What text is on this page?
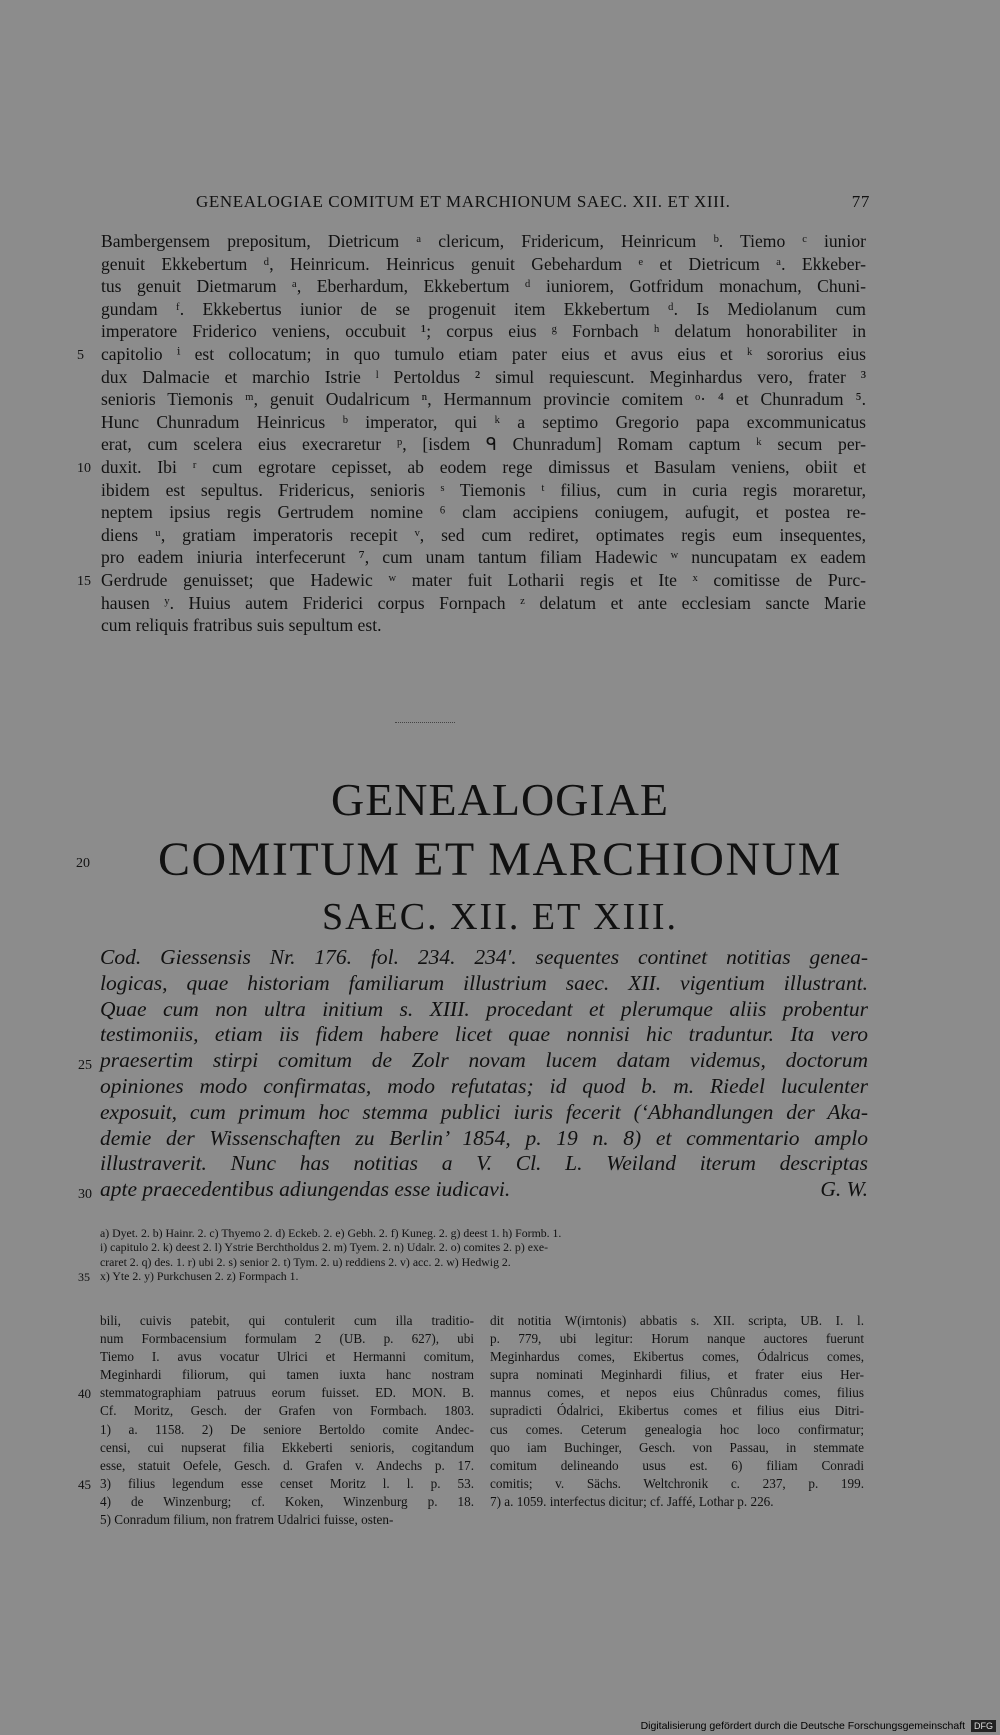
GENEALOGIAE COMITUM ET MARCHIONUM SAEC. XII. ET XIII.	77
Bambergensem prepositum, Dietricum ᵃ clericum, Fridericum, Heinricum ᵇ. Tiemo ᶜ iunior
genuit Ekkebertum ᵈ, Heinricum. Heinricus genuit Gebehardum ᵉ et Dietricum ᵃ. Ekkeber-
tus genuit Dietmarum ᵃ, Eberhardum, Ekkebertum ᵈ iuniorem, Gotfridum monachum, Chuni-
gundam ᶠ. Ekkebertus iunior de se progenuit item Ekkebertum ᵈ. Is Mediolanum cum
imperatore Friderico veniens, occubuit ¹; corpus eius ᵍ Fornbach ʰ delatum honorabiliter in
capitolio ⁱ est collocatum; in quo tumulo etiam pater eius et avus eius et ᵏ sororius eius
5
dux Dalmacie et marchio Istrie ˡ Pertoldus ² simul requiescunt. Meginhardus vero, frater ³
senioris Tiemonis ᵐ, genuit Oudalricum ⁿ, Hermannum provincie comitem ᵒ· ⁴ et Chunradum ⁵.
Hunc Chunradum Heinricus ᵇ imperator, qui ᵏ a septimo Gregorio papa excommunicatus
erat, cum scelera eius execraretur ᵖ, [isdem ᑫ Chunradum] Romam captum ᵏ secum per-
duxit. Ibi ʳ cum egrotare cepisset, ab eodem rege dimissus et Basulam veniens, obiit et
10
ibidem est sepultus. Fridericus, senioris ˢ Tiemonis ᵗ filius, cum in curia regis moraretur,
neptem ipsius regis Gertrudem nomine ⁶ clam accipiens coniugem, aufugit, et postea re-
diens ᵘ, gratiam imperatoris recepit ᵛ, sed cum rediret, optimates regis eum insequentes,
pro eadem iniuria interfecerunt ⁷, cum unam tantum filiam Hadewic ʷ nuncupatam ex eadem
Gerdrude genuisset; que Hadewic ʷ mater fuit Lotharii regis et Ite ˣ comitisse de Purc-
15
hausen ʸ. Huius autem Friderici corpus Fornpach ᶻ delatum et ante ecclesiam sancte Marie
cum reliquis fratribus suis sepultum est.
GENEALOGIAE
COMITUM ET MARCHIONUM
20
SAEC. XII. ET XIII.
Cod. Giessensis Nr. 176. fol. 234. 234ʹ. sequentes continet notitias genea-
logicas, quae historiam familiarum illustrium saec. XII. vigentium illustrant.
Quae cum non ultra initium s. XIII. procedant et plerumque aliis probentur
testimoniis, etiam iis fidem habere licet quae nonnisi hic traduntur. Ita vero
praesertim stirpi comitum de Zolr novam lucem datam videmus, doctorum
25
opiniones modo confirmatas, modo refutatas; id quod b. m. Riedel luculenter
exposuit, cum primum hoc stemma publici iuris fecerit (‘Abhandlungen der Aka-
demie der Wissenschaften zu Berlin’ 1854, p. 19 n. 8) et commentario amplo
illustraverit. Nunc has notitias a V. Cl. L. Weiland iterum descriptas
apte praecedentibus adiungendas esse iudicavi.
30	G. W.
a) Dyet. 2. b) Hainr. 2. c) Thyemo 2. d) Eckeb. 2. e) Gebh. 2. f) Kuneg. 2. g) deest 1. h) Formb. 1.
i) capitulo 2. k) deest 2. l) Ystrie Berchtholdus 2. m) Tyem. 2. n) Udalr. 2. o) comites 2. p) exe-
craret 2. q) des. 1. r) ubi 2. s) senior 2. t) Tym. 2. u) reddiens 2. v) acc. 2. w) Hedwig 2.
x) Yte 2. y) Purkchusen 2. z) Formpach 1.
35
bili, cuivis patebit, qui contulerit cum illa traditio-
num Formbacensium formulam 2 (UB. p. 627), ubi
Tiemo I. avus vocatur Ulrici et Hermanni comitum,
Meginhardi filiorum, qui tamen iuxta hanc nostram
stemmatographiam patruus eorum fuisset. ED. MON. B.
40
Cf. Moritz, Gesch. der Grafen von Formbach. 1803.
1) a. 1158. 2) De seniore Bertoldo comite Andec-
censi, cui nupserat filia Ekkeberti senioris, cogitandum
esse, statuit Oefele, Gesch. d. Grafen v. Andechs p. 17.
3) filius legendum esse censet Moritz l. l. p. 53.
45
4) de Winzenburg; cf. Koken, Winzenburg p. 18.
5) Conradum filium, non fratrem Udalrici fuisse, osten-
dit notitia W(irntonis) abbatis s. XII. scripta, UB. I. l.
p. 779, ubi legitur: Horum nanque auctores fuerunt
Meginhardus comes, Ekibertus comes, Ódalricus comes,
supra nominati Meginhardi filius, et frater eius Her-
mannus comes, et nepos eius Chûnradus comes, filius
supradicti Ódalrici, Ekibertus comes et filius eius Ditri-
cus comes. Ceterum genealogia hoc loco confirmatur;
quo iam Buchinger, Gesch. von Passau, in stemmate
comitum delineando usus est. 6) filiam Conradi
comitis; v. Sächs. Weltchronik c. 237, p. 199.
7) a. 1059. interfectus dicitur; cf. Jaffé, Lothar p. 226.
Digitalisierung gefördert durch die Deutsche Forschungsgemeinschaft DFG
